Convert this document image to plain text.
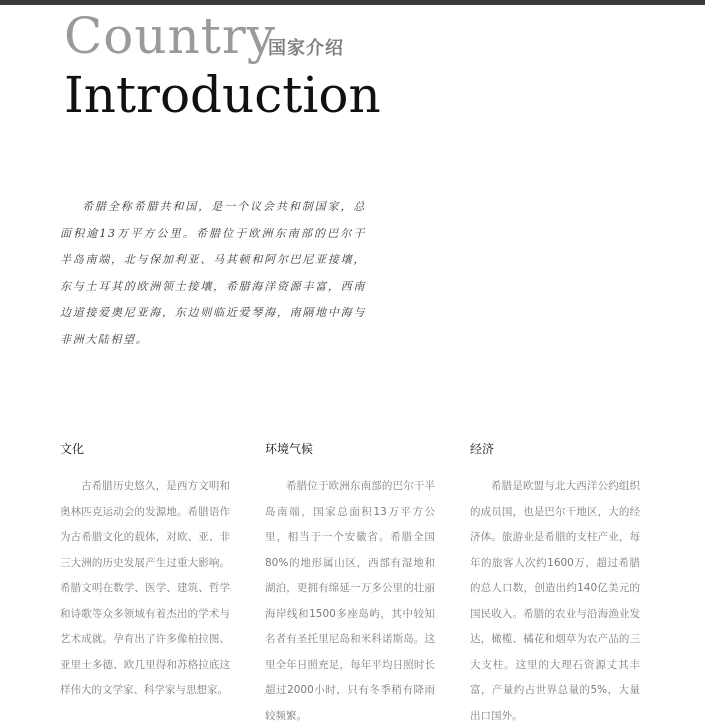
Country
国家介绍
Introduction
希腊全称希腊共和国，是一个议会共和制国家，总面积逾13万平方公里。希腊位于欧洲东南部的巴尔干半岛南端，北与保加利亚、马其顿和阿尔巴尼亚接壤，东与土耳其的欧洲领土接壤，希腊海洋资源丰富，西南边道接爱奥尼亚海，东边则临近爱琴海，南隔地中海与非洲大陆相望。
文化
古希腊历史悠久，是西方文明和奥林匹克运动会的发源地。希腊语作为古希腊文化的载体，对欧、亚、非三大洲的历史发展产生过重大影响。希腊文明在数学、医学、建筑、哲学和诗歌等众多领域有着杰出的学术与艺术成就。孕育出了许多像柏拉图、亚里士多德、欧几里得和苏格拉底这样伟大的文学家、科学家与思想家。
环境气候
希腊位于欧洲东南部的巴尔干半岛南端，国家总面积13万平方公里，相当于一个安徽省。希腊全国80%的地形属山区，西部有湿地和湖泊，更拥有绵延一万多公里的壮丽海岸线和1500多座岛屿，其中较知名者有圣托里尼岛和米科诺斯岛。这里全年日照充足，每年平均日照时长超过2000小时，只有冬季稍有降雨较频繁。
经济
希腊是欧盟与北大西洋公约组织的成员国，也是巴尔干地区，大的经济体。旅游业是希腊的支柱产业，每年的旅客人次约1600万，超过希腊的总人口数，创造出约140亿美元的国民收入。希腊的农业与沿海渔业发达，橄榄、橘花和烟草为农产品的三大支柱。这里的大理石资源丈其丰富，产量约占世界总量的5%，大量出口国外。
